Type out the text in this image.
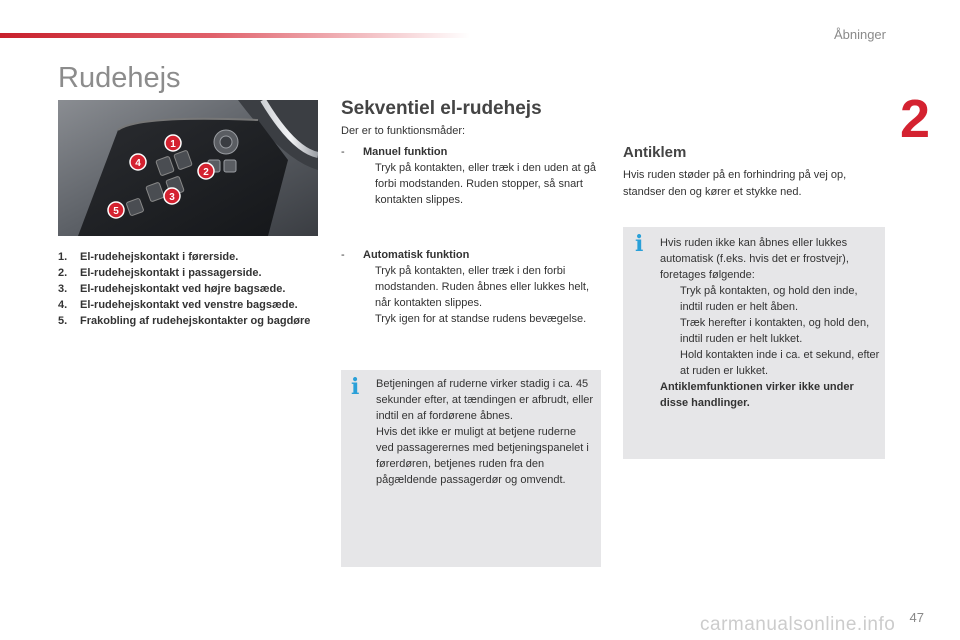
Åbninger
2
Rudehejs
1
2
3
4
5
1. El-rudehejskontakt i førerside.
2. El-rudehejskontakt i passagerside.
3. El-rudehejskontakt ved højre bagsæde.
4. El-rudehejskontakt ved venstre bagsæde.
5. Frakobling af rudehejskontakter og bagdøre
Sekventiel el-rudehejs
Der er to funktionsmåder:
- Manuel funktion
Tryk på kontakten, eller træk i den uden at gå forbi modstanden. Ruden stopper, så snart kontakten slippes.
- Automatisk funktion
Tryk på kontakten, eller træk i den forbi modstanden. Ruden åbnes eller lukkes helt, når kontakten slippes.
Tryk igen for at standse rudens bevægelse.
i Betjeningen af ruderne virker stadig i ca. 45 sekunder efter, at tændingen er afbrudt, eller indtil en af fordørene åbnes.
Hvis det ikke er muligt at betjene ruderne ved passagerernes med betjeningspanelet i førerdøren, betjenes ruden fra den pågældende passagerdør og omvendt.
Antiklem
Hvis ruden støder på en forhindring på vej op, standser den og kører et stykke ned.
i Hvis ruden ikke kan åbnes eller lukkes automatisk (f.eks. hvis det er frostvejr), foretages følgende:
Tryk på kontakten, og hold den inde, indtil ruden er helt åben.
Træk herefter i kontakten, og hold den, indtil ruden er helt lukket.
Hold kontakten inde i ca. et sekund, efter at ruden er lukket.
Antiklemfunktionen virker ikke under disse handlinger.
carmanualsonline.info 47
